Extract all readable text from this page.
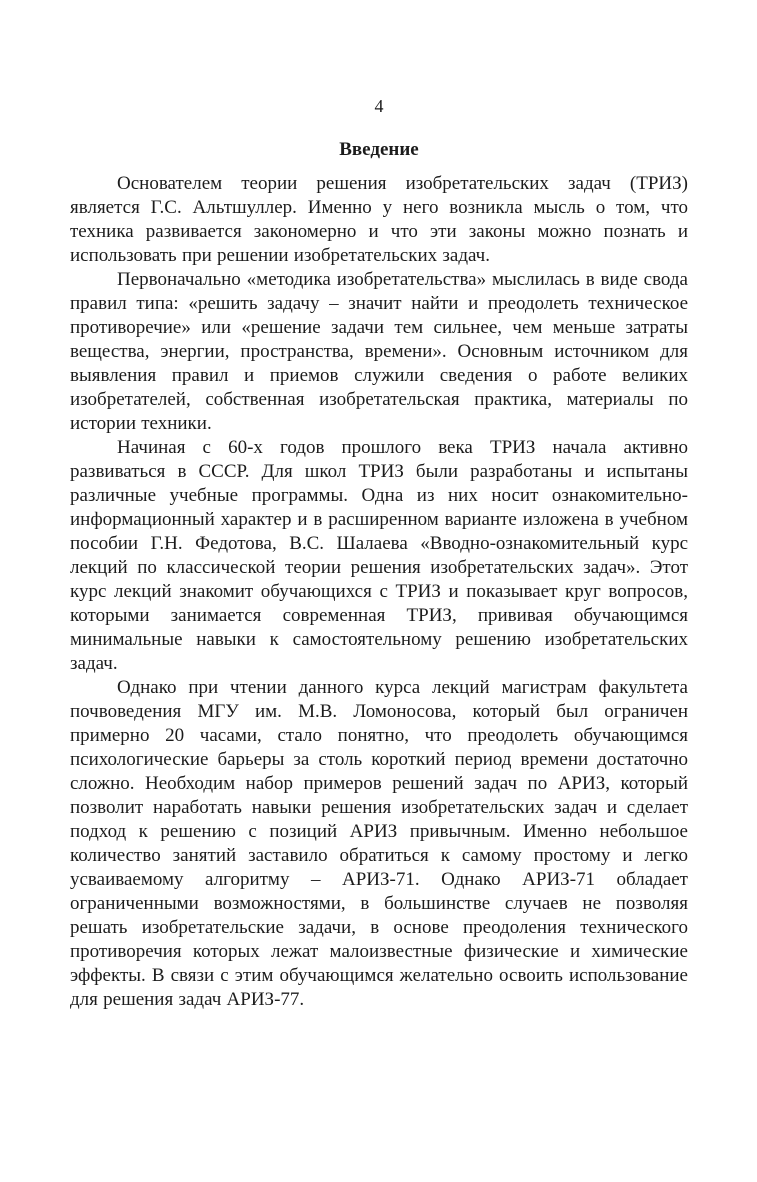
4
Введение

Основателем теории решения изобретательских задач (ТРИЗ) является Г.С. Альтшуллер. Именно у него возникла мысль о том, что техника развивается закономерно и что эти законы можно познать и использовать при решении изобретательских задач.

Первоначально «методика изобретательства» мыслилась в виде свода правил типа: «решить задачу – значит найти и преодолеть техническое противоречие» или «решение задачи тем сильнее, чем меньше затраты вещества, энергии, пространства, времени». Основным источником для выявления правил и приемов служили сведения о работе великих изобретателей, собственная изобретательская практика, материалы по истории техники.

Начиная с 60-х годов прошлого века ТРИЗ начала активно развиваться в СССР. Для школ ТРИЗ были разработаны и испытаны различные учебные программы. Одна из них носит ознакомительно-информационный характер и в расширенном варианте изложена в учебном пособии Г.Н. Федотова, В.С. Шалаева «Вводно-ознакомительный курс лекций по классической теории решения изобретательских задач». Этот курс лекций знакомит обучающихся с ТРИЗ и показывает круг вопросов, которыми занимается современная ТРИЗ, прививая обучающимся минимальные навыки к самостоятельному решению изобретательских задач.

Однако при чтении данного курса лекций магистрам факультета почвоведения МГУ им. М.В. Ломоносова, который был ограничен примерно 20 часами, стало понятно, что преодолеть обучающимся психологические барьеры за столь короткий период времени достаточно сложно. Необходим набор примеров решений задач по АРИЗ, который позволит наработать навыки решения изобретательских задач и сделает подход к решению с позиций АРИЗ привычным. Именно небольшое количество занятий заставило обратиться к самому простому и легко усваиваемому алгоритму – АРИЗ-71. Однако АРИЗ-71 обладает ограниченными возможностями, в большинстве случаев не позволяя решать изобретательские задачи, в основе преодоления технического противоречия которых лежат малоизвестные физические и химические эффекты. В связи с этим обучающимся желательно освоить использование для решения задач АРИЗ-77.
